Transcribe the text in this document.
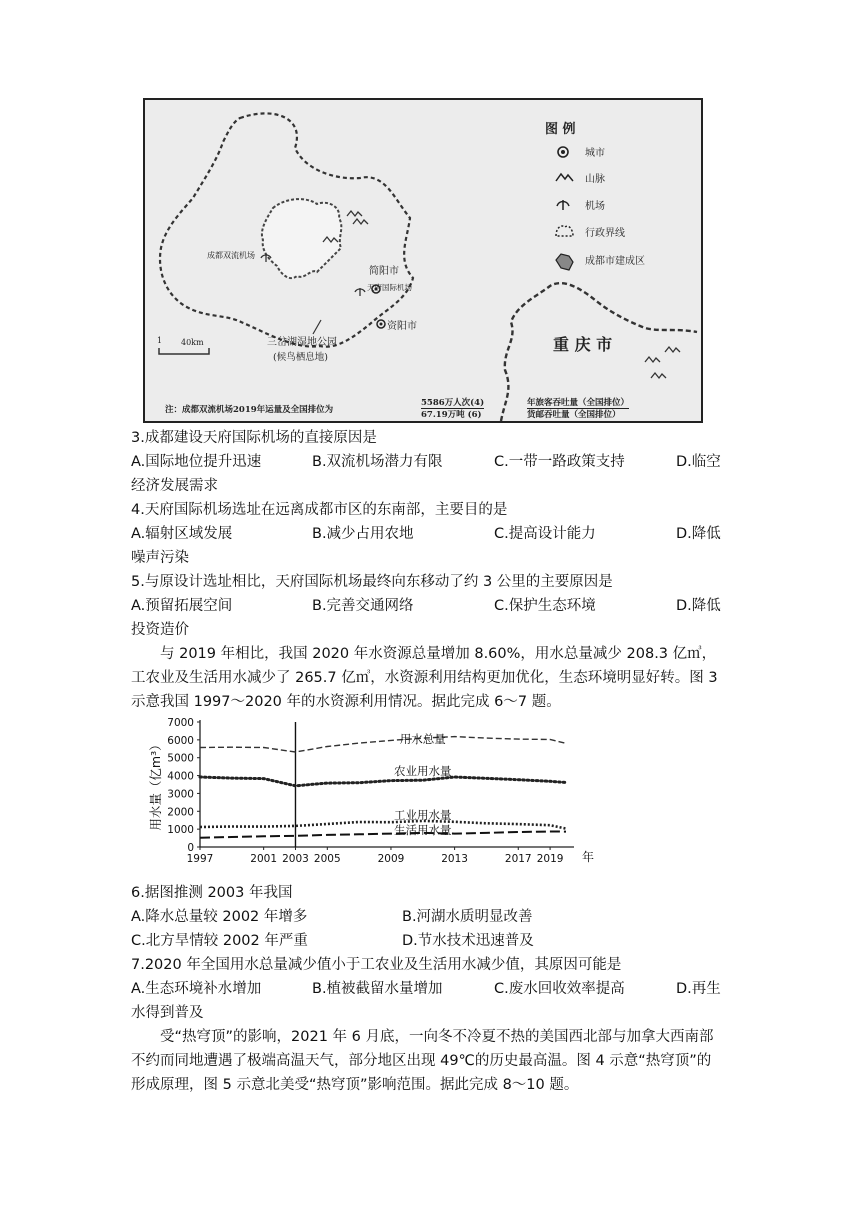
图 例
城市
山脉
机场
行政界线
成都市建成区
成都双流机场
简阳市
天府国际机场
资阳市
三岔湖湿地公园
(候鸟栖息地)
重 庆 市
1 40km
注：成都双流机场2019年运量及全国排位为
5586万人次(4)
67.19万吨 (6)
年旅客吞吐量（全国排位）
货邮吞吐量（全国排位）
3.成都建设天府国际机场的直接原因是
A.国际地位提升迅速	B.双流机场潜力有限	C.一带一路政策支持	D.临空
经济发展需求
4.天府国际机场选址在远离成都市区的东南部，主要目的是
A.辐射区域发展	B.减少占用农地	C.提高设计能力	D.降低
噪声污染
5.与原设计选址相比，天府国际机场最终向东移动了约 3 公里的主要原因是
A.预留拓展空间	B.完善交通网络	C.保护生态环境	D.降低
投资造价
与 2019 年相比，我国 2020 年水资源总量增加 8.60%，用水总量减少 208.3 亿㎥，工农业及生活用水减少了 265.7 亿㎥，水资源利用结构更加优化，生态环境明显好转。图 3 示意我国 1997～2020 年的水资源利用情况。据此完成 6～7 题。
0
1000
2000
3000
4000
5000
6000
7000
1997	2001 2003 2005	2009	2013	2017 2019 年
用水量（亿m³）	用水总量
农业用水量
工业用水量
生活用水量
6.据图推测 2003 年我国
A.降水总量较 2002 年增多	B.河湖水质明显改善
C.北方旱情较 2002 年严重	D.节水技术迅速普及
7.2020 年全国用水总量减少值小于工农业及生活用水减少值，其原因可能是
A.生态环境补水增加	B.植被截留水量增加	C.废水回收效率提高	D.再生
水得到普及
受“热穹顶”的影响，2021 年 6 月底，一向冬不冷夏不热的美国西北部与加拿大西南部不约而同地遭遇了极端高温天气，部分地区出现 49℃的历史最高温。图 4 示意“热穹顶”的形成原理，图 5 示意北美受“热穹顶”影响范围。据此完成 8～10 题。
